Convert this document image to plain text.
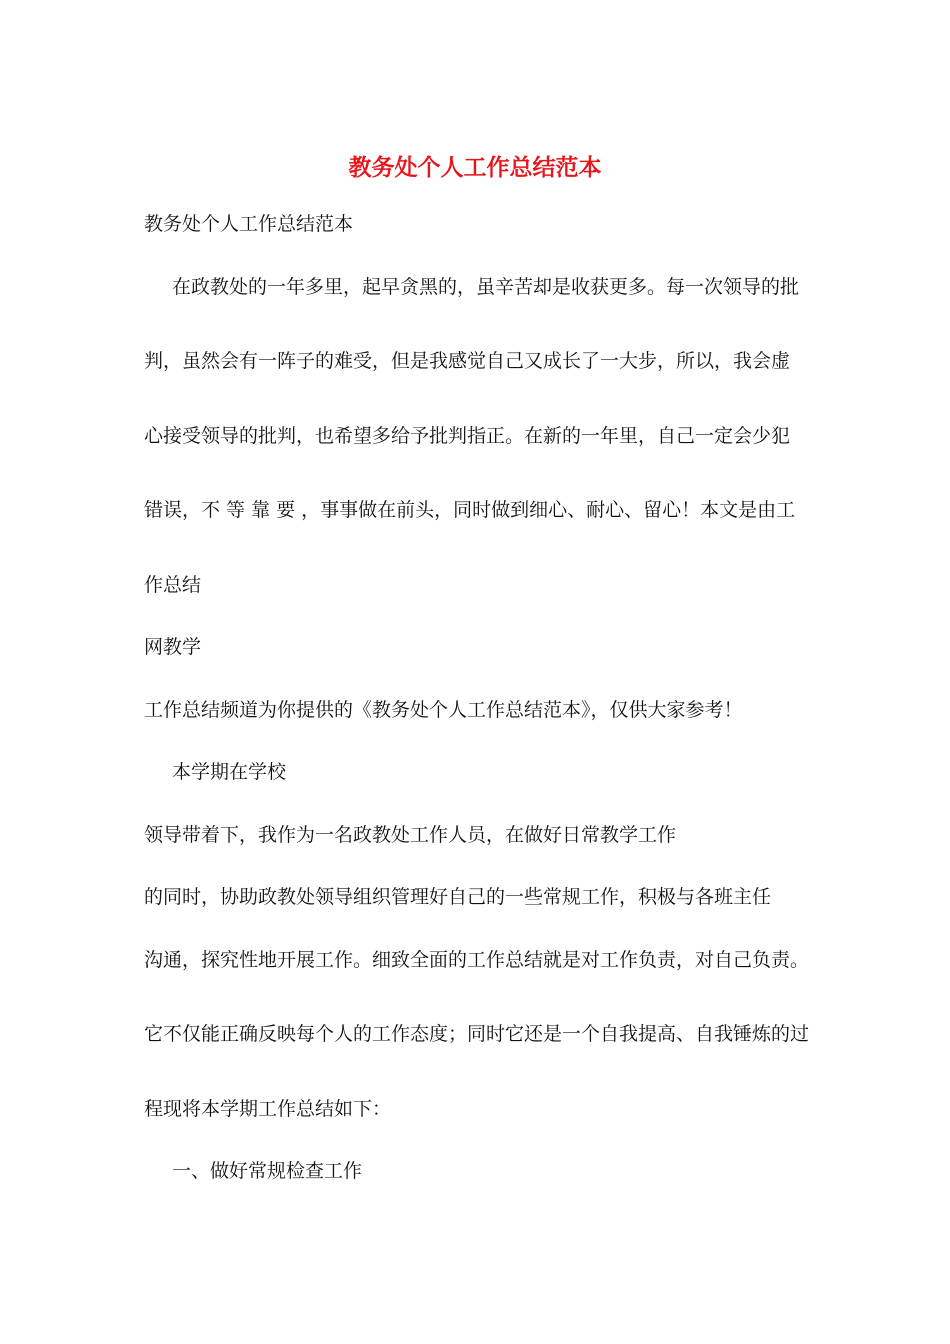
教务处个人工作总结范本

教务处个人工作总结范本

在政教处的一年多里，起早贪黑的，虽辛苦却是收获更多。每一次领导的批

判，虽然会有一阵子的难受，但是我感觉自己又成长了一大步，所以，我会虚

心接受领导的批判，也希望多给予批判指正。在新的一年里，自己一定会少犯

错误，不 等 靠 要 ，事事做在前头，同时做到细心、耐心、留心！本文是由工

作总结

网教学

工作总结频道为你提供的《教务处个人工作总结范本》，仅供大家参考！

本学期在学校

领导带着下，我作为一名政教处工作人员，在做好日常教学工作

的同时，协助政教处领导组织管理好自己的一些常规工作，积极与各班主任

沟通，探究性地开展工作。细致全面的工作总结就是对工作负责，对自己负责。

它不仅能正确反映每个人的工作态度；同时它还是一个自我提高、自我锤炼的过

程现将本学期工作总结如下：

一、做好常规检查工作
